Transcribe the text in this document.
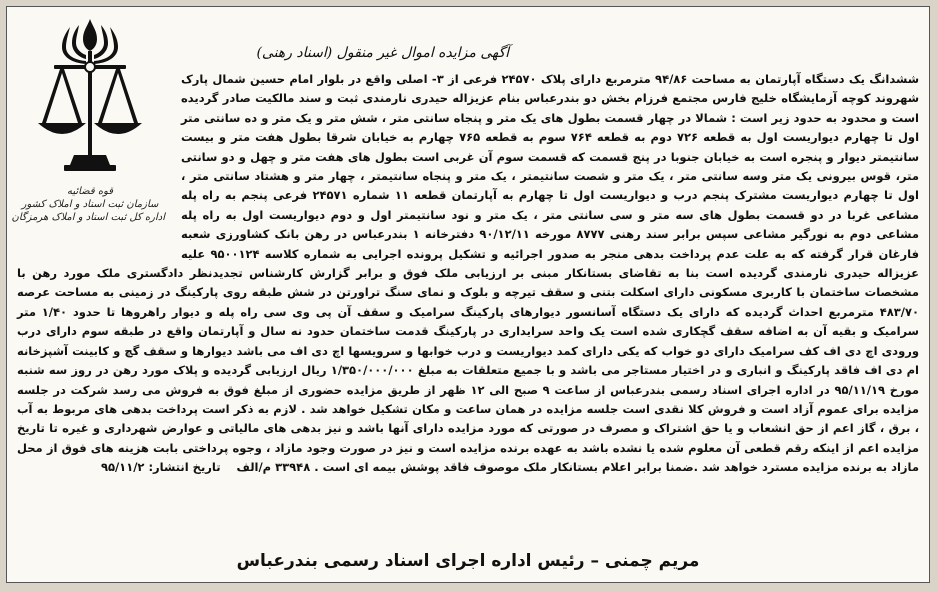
قوه قضائیه
سازمان ثبت اسناد و املاک کشور
اداره کل ثبت اسناد و املاک هرمزگان
آگهی مزایده اموال غیر منقول (اسناد رهنی)

ششدانگ یک دستگاه آپارتمان به مساحت ۹۴/۸۶ مترمربع دارای پلاک ۲۴۵۷۰ فرعی از ۳- اصلی واقع در بلوار امام حسین شمال پارک شهروند کوچه آزمایشگاه خلیج فارس مجتمع فرزام بخش دو بندرعباس بنام عزیزاله حیدری نارمندی ثبت و سند مالکیت صادر گردیده است و محدود به حدود زیر است : شمالا در چهار قسمت بطول های یک متر و پنجاه سانتی متر ، شش متر و یک متر و ده سانتی متر اول تا چهارم دیواریست اول به قطعه ۷۲۶ دوم به قطعه ۷۶۴ سوم به قطعه ۷۶۵ چهارم به خیابان شرقا بطول هفت متر و بیست سانتیمتر دیوار و پنجره است به خیابان جنوبا در پنج قسمت که قسمت سوم آن غربی است بطول های هفت متر و چهل و دو سانتی متر، قوس بیرونی یک متر وسه سانتی متر ، یک متر و شصت سانتیمتر ، یک متر و پنجاه سانتیمتر ، چهار متر و هشتاد سانتی متر ، اول تا چهارم دیواریست مشترک پنجم درب و دیواریست اول تا چهارم به آپارتمان قطعه ۱۱ شماره ۲۴۵۷۱ فرعی پنجم به راه پله مشاعی غربا در دو قسمت بطول های سه متر و سی سانتی متر ، یک متر و نود سانتیمتر اول و دوم دیواریست اول به راه پله مشاعی دوم به نورگیر مشاعی سپس برابر سند رهنی ۸۷۷۷ مورخه ۹۰/۱۲/۱۱ دفترخانه ۱ بندرعباس در رهن بانک کشاورزی شعبه فارغان قرار گرفته که به علت عدم پرداخت بدهی منجر به صدور اجرائیه و تشکیل پرونده اجرایی به شماره کلاسه ۹۵۰۰۱۲۴ علیه عزیزاله حیدری نارمندی گردیده است بنا به تقاضای بستانکار مبنی بر ارزیابی ملک فوق و برابر گزارش کارشناس تجدیدنظر دادگستری ملک مورد رهن با مشخصات ساختمان با کاربری مسکونی دارای اسکلت بتنی و سقف تیرچه و بلوک و نمای سنگ تراورتن در شش طبقه روی پارکینگ در زمینی به مساحت عرصه ۴۸۳/۷۰ مترمربع احداث گردیده که دارای یک دستگاه آسانسور دیوارهای پارکینگ سرامیک و سقف آن پی وی سی راه پله و دیوار راهروها تا حدود ۱/۴۰ متر سرامیک و بقیه آن به اضافه سقف گچکاری شده است یک واحد سرایداری در پارکینگ قدمت ساختمان حدود نه سال و آپارتمان واقع در طبقه سوم دارای درب ورودی اچ دی اف کف سرامیک دارای دو خواب که یکی دارای کمد دیواریست و درب خوابها و سرویسها اچ دی اف می باشد دیوارها و سقف گچ و کابینت آشپزخانه ام دی اف فاقد پارکینگ و انباری و در اختیار مستاجر می باشد و با جمیع متعلقات به مبلغ ۱/۳۵۰/۰۰۰/۰۰۰ ریال ارزیابی گردیده و پلاک مورد رهن در روز سه شنبه مورخ ۹۵/۱۱/۱۹ در اداره اجرای اسناد رسمی بندرعباس از ساعت ۹ صبح الی ۱۲ ظهر از طریق مزایده حضوری از مبلغ فوق به فروش می رسد شرکت در جلسه مزایده برای عموم آزاد است و فروش کلا نقدی است جلسه مزایده در همان ساعت و مکان تشکیل خواهد شد . لازم به ذکر است پرداخت بدهی های مربوط به آب ، برق ، گاز اعم از حق انشعاب و یا حق اشتراک و مصرف در صورتی که مورد مزایده دارای آنها باشد و نیز بدهی های مالیاتی و عوارض شهرداری و غیره تا تاریخ مزایده اعم از اینکه رقم قطعی آن معلوم شده یا نشده باشد به عهده برنده مزایده است و نیز در صورت وجود مازاد ، وجوه پرداختی بابت هزینه های فوق از محل مازاد به برنده مزایده مسترد خواهد شد .ضمنا برابر اعلام بستانکار ملک موصوف فاقد پوشش بیمه ای است . ۳۳۹۴۸ م/الف    تاریخ انتشار: ۹۵/۱۱/۲

مریم چمنی – رئیس اداره اجرای اسناد رسمی بندرعباس
